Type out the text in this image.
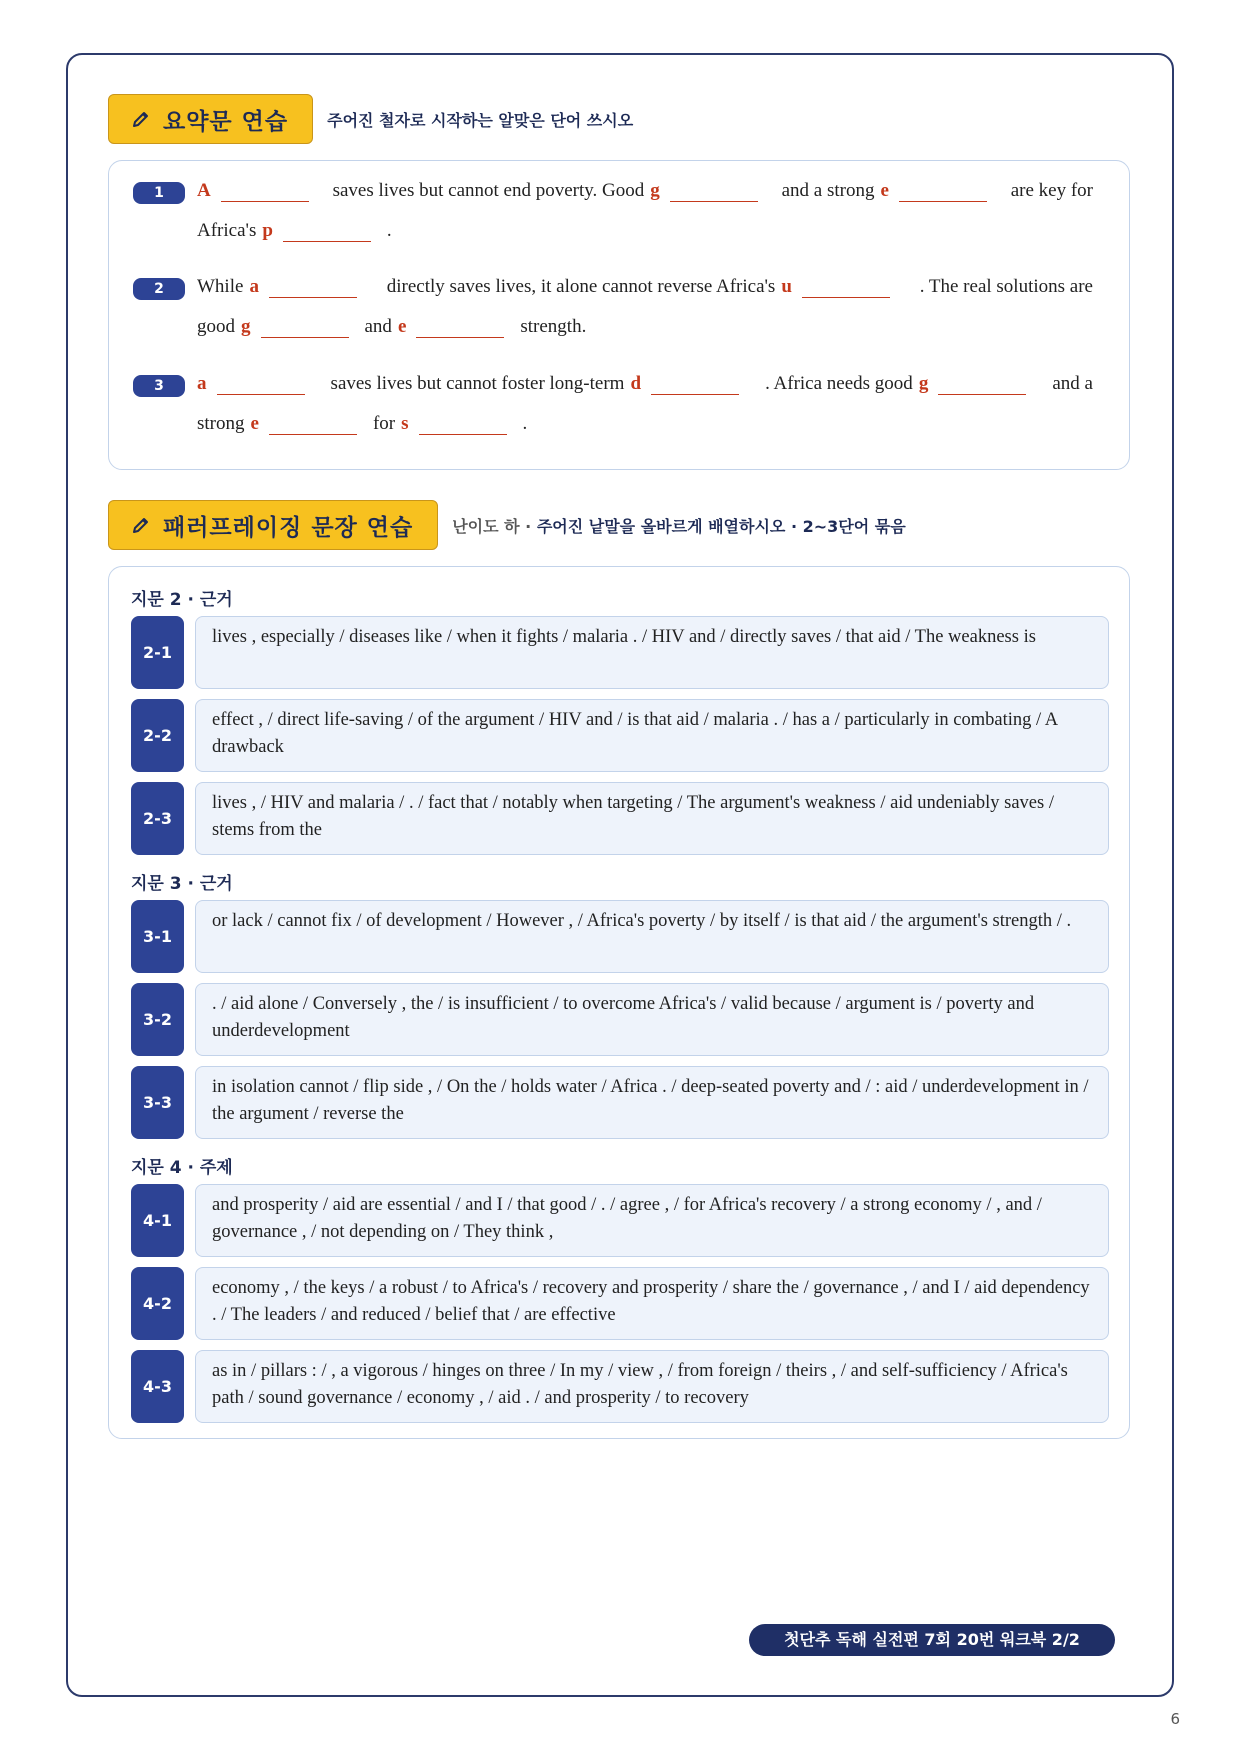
요약문 연습 주어진 철자로 시작하는 알맞은 단어 쓰시오
1	A	saves lives but cannot end poverty. Good g	and a strong e	are key for
Africa's p	.
2	While a	directly saves lives, it alone cannot reverse Africa's u	. The real solutions are
good g	and e	strength.
3	a	saves lives but cannot foster long-term d	. Africa needs good g	and a
strong e	for s	.
패러프레이징 문장 연습 난이도 하 · 주어진 낱말을 올바르게 배열하시오 · 2~3단어 묶음
지문 2 · 근거
2-1
lives , especially / diseases like / when it fights / malaria . / HIV and / directly saves / that aid / The weakness is
2-2
effect , / direct life-saving / of the argument / HIV and / is that aid / malaria . / has a / particularly in combating / A drawback
2-3
lives , / HIV and malaria / . / fact that / notably when targeting / The argument's weakness / aid undeniably saves / stems from the
지문 3 · 근거
3-1
or lack / cannot fix / of development / However , / Africa's poverty / by itself / is that aid / the argument's strength / .
3-2
. / aid alone / Conversely , the / is insufficient / to overcome Africa's / valid because / argument is / poverty and underdevelopment
3-3
in isolation cannot / flip side , / On the / holds water / Africa . / deep-seated poverty and / : aid / underdevelopment in / the argument / reverse the
지문 4 · 주제
4-1
and prosperity / aid are essential / and I / that good / . / agree , / for Africa's recovery / a strong economy / , and / governance , / not depending on / They think ,
4-2
economy , / the keys / a robust / to Africa's / recovery and prosperity / share the / governance , / and I / aid dependency . / The leaders / and reduced / belief that / are effective
4-3
as in / pillars : / , a vigorous / hinges on three / In my / view , / from foreign / theirs , / and self-sufficiency / Africa's path / sound governance / economy , / aid . / and prosperity / to recovery
첫단추 독해 실전편 7회 20번 워크북 2/2
6
